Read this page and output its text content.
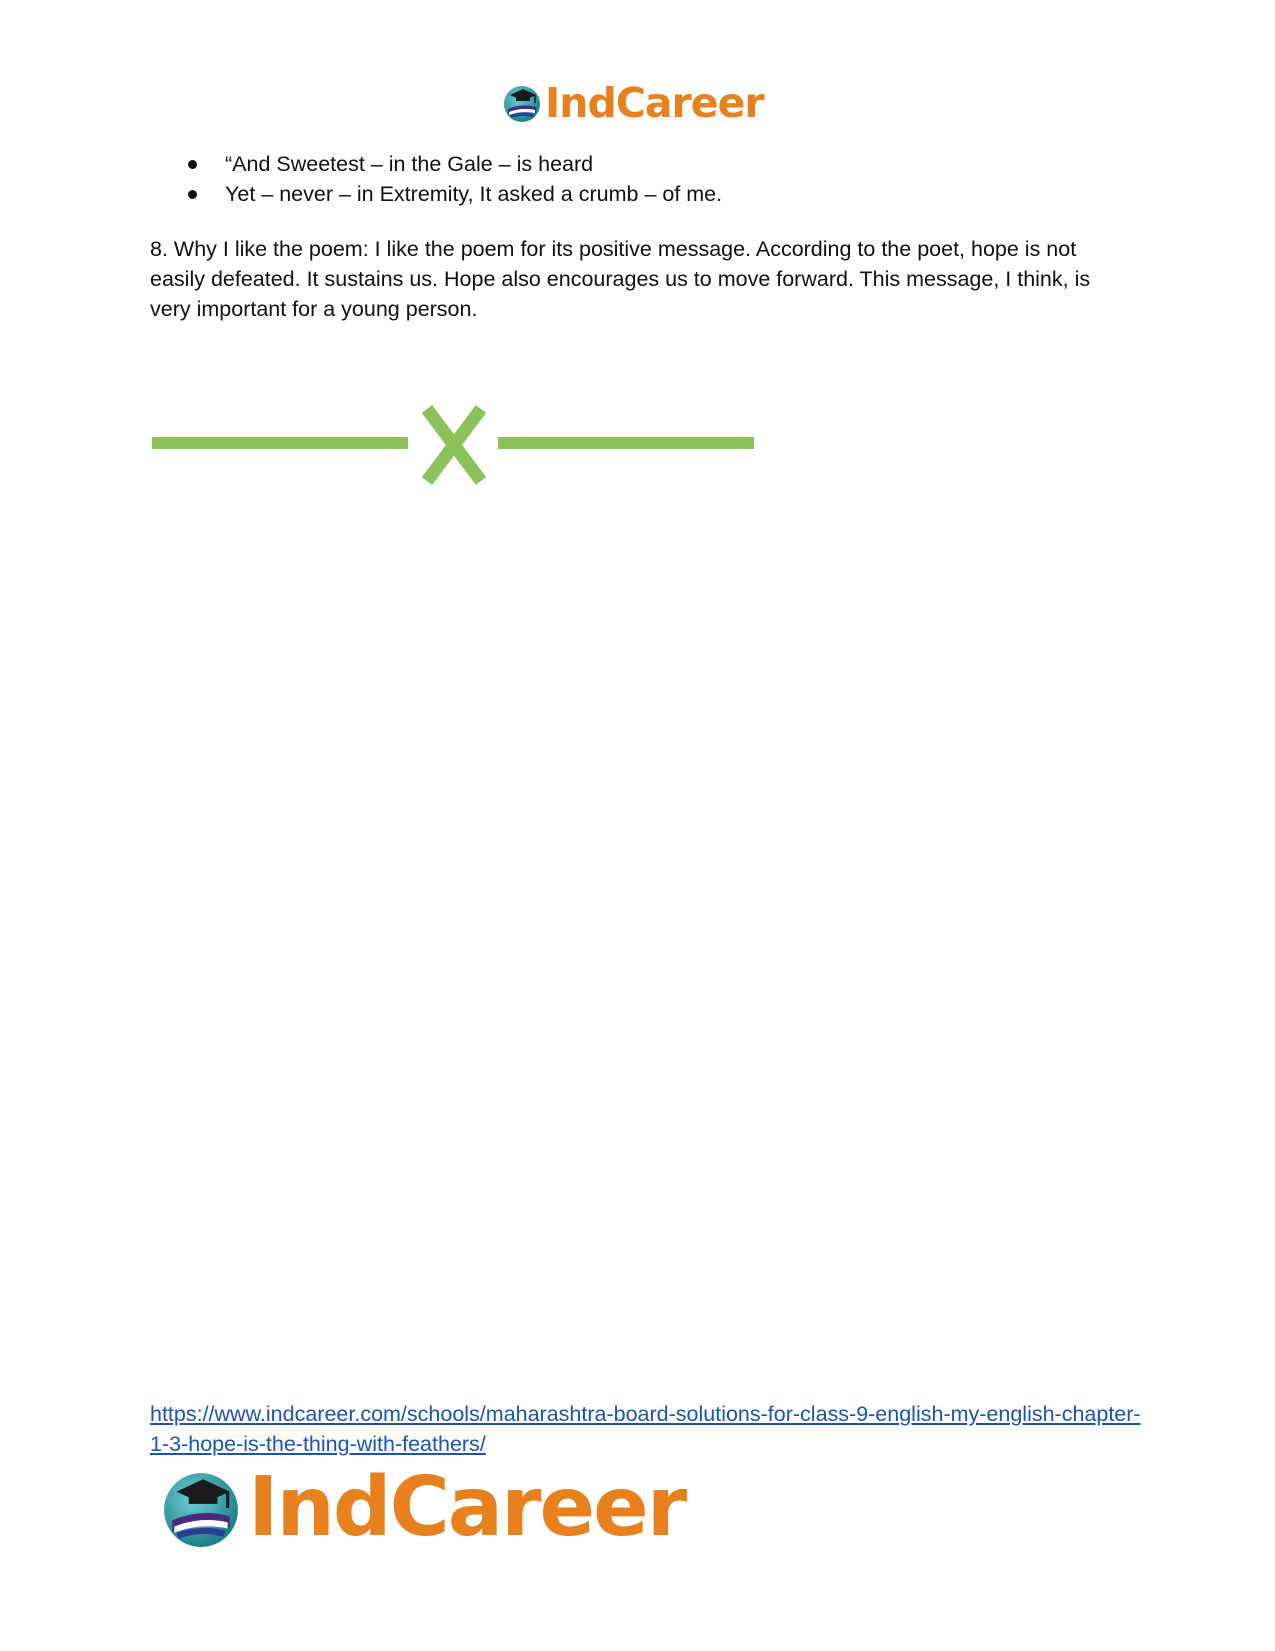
IndCareer
“And Sweetest – in the Gale – is heard
Yet – never – in Extremity, It asked a crumb – of me.

8. Why I like the poem: I like the poem for its positive message. According to the poet, hope is not easily defeated. It sustains us. Hope also encourages us to move forward. This message, I think, is very important for a young person.

https://www.indcareer.com/schools/maharashtra-board-solutions-for-class-9-english-my-english-chapter-1-3-hope-is-the-thing-with-feathers/
IndCareer
